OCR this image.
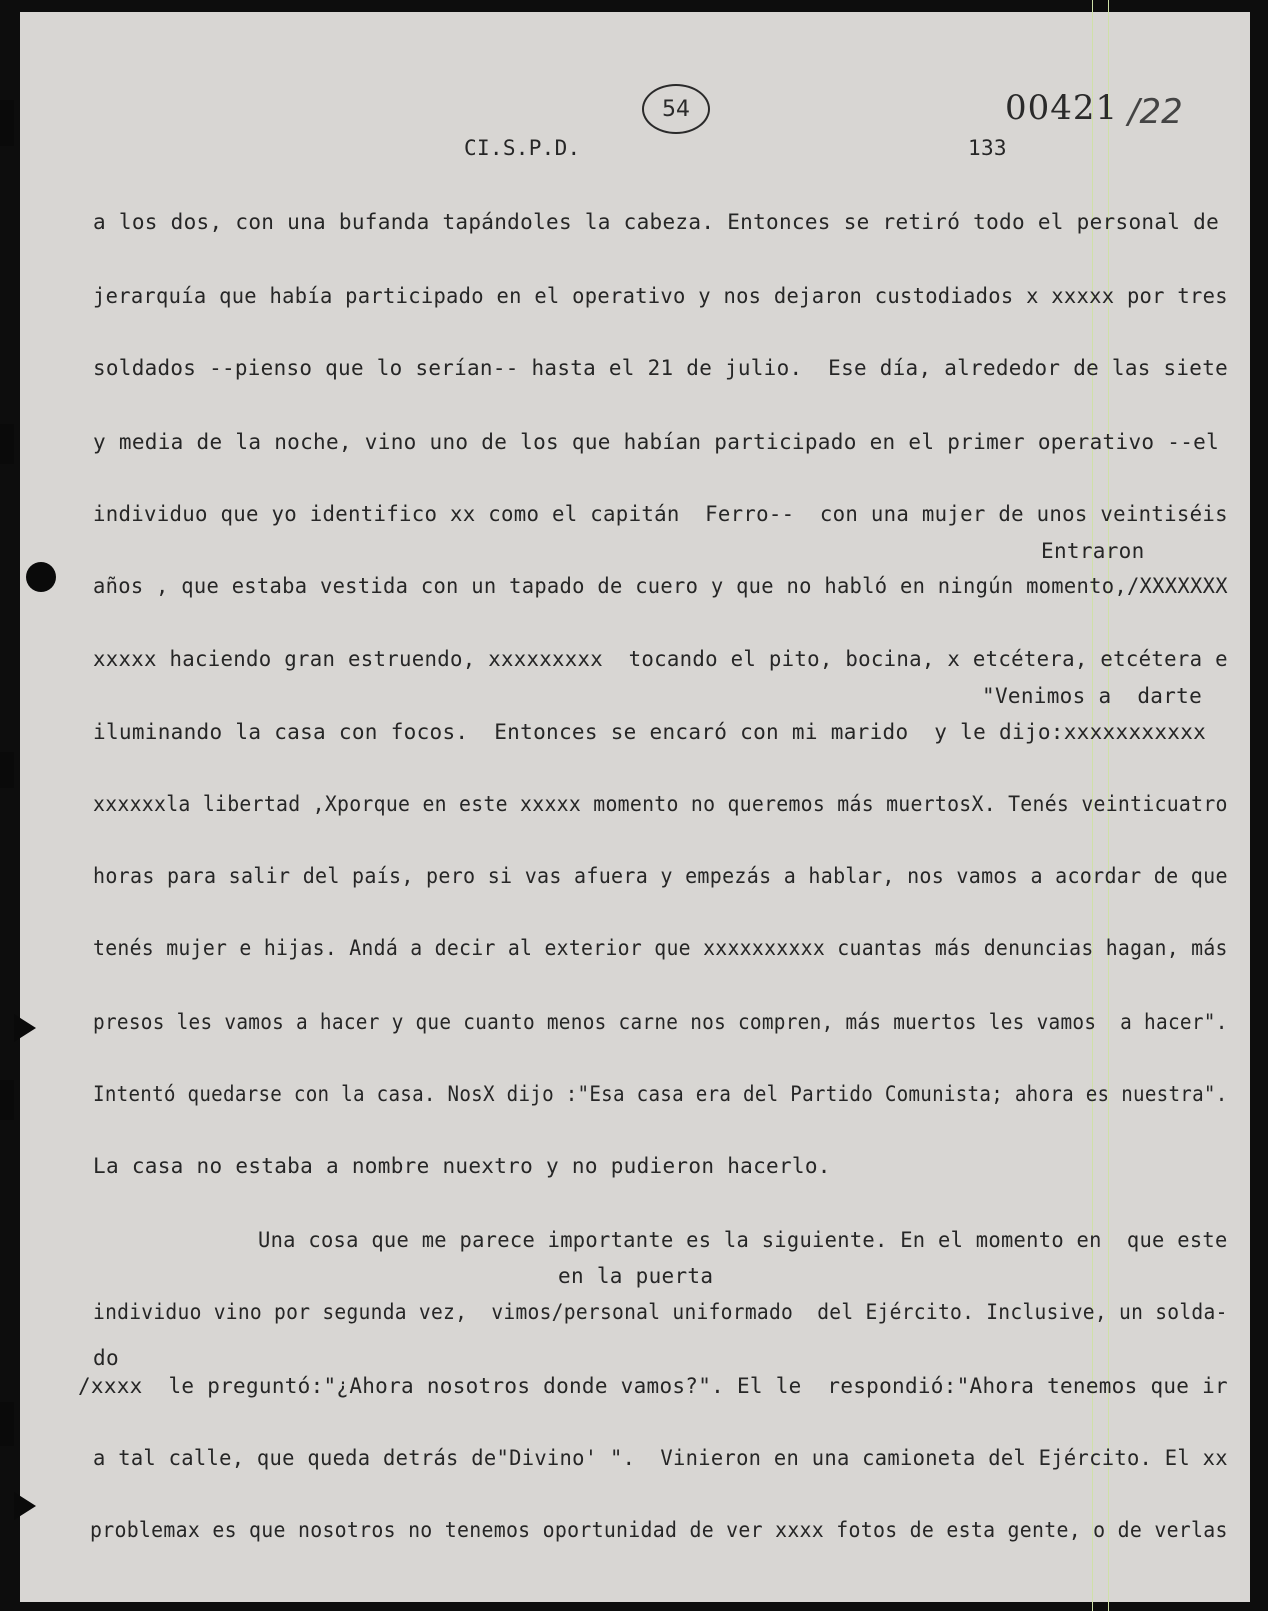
54	00421 /22
CI.S.P.D.	133
a los dos, con una bufanda tapándoles la cabeza. Entonces se retiró todo el personal de
jerarquía que había participado en el operativo y nos dejaron custodiados x xxxxx por tres
soldados --pienso que lo serían-- hasta el 21 de julio.  Ese día, alrededor de las siete
y media de la noche, vino uno de los que habían participado en el primer operativo --el
individuo que yo identifico xx como el capitán  Ferro--  con una mujer de unos veintiséis
Entraron
años , que estaba vestida con un tapado de cuero y que no habló en ningún momento,/XXXXXXX
xxxxx haciendo gran estruendo, xxxxxxxxx  tocando el pito, bocina, x etcétera, etcétera e
"Venimos a  darte
iluminando la casa con focos.  Entonces se encaró con mi marido  y le dijo:xxxxxxxxxxx
xxxxxxla libertad ,Xporque en este xxxxx momento no queremos más muertosX. Tenés veinticuatro
horas para salir del país, pero si vas afuera y empezás a hablar, nos vamos a acordar de que
tenés mujer e hijas. Andá a decir al exterior que xxxxxxxxxx cuantas más denuncias hagan, más
presos les vamos a hacer y que cuanto menos carne nos compren, más muertos les vamos  a hacer".
Intentó quedarse con la casa. NosX dijo :"Esa casa era del Partido Comunista; ahora es nuestra".
La casa no estaba a nombre nuextro y no pudieron hacerlo.
Una cosa que me parece importante es la siguiente. En el momento en  que este
en la puerta
individuo vino por segunda vez,  vimos/personal uniformado  del Ejército. Inclusive, un solda-
do
/xxxx  le preguntó:"¿Ahora nosotros donde vamos?". El le  respondió:"Ahora tenemos que ir
a tal calle, que queda detrás de"Divino' ".  Vinieron en una camioneta del Ejército. El xx
problemax es que nosotros no tenemos oportunidad de ver xxxx fotos de esta gente, o de verlas
